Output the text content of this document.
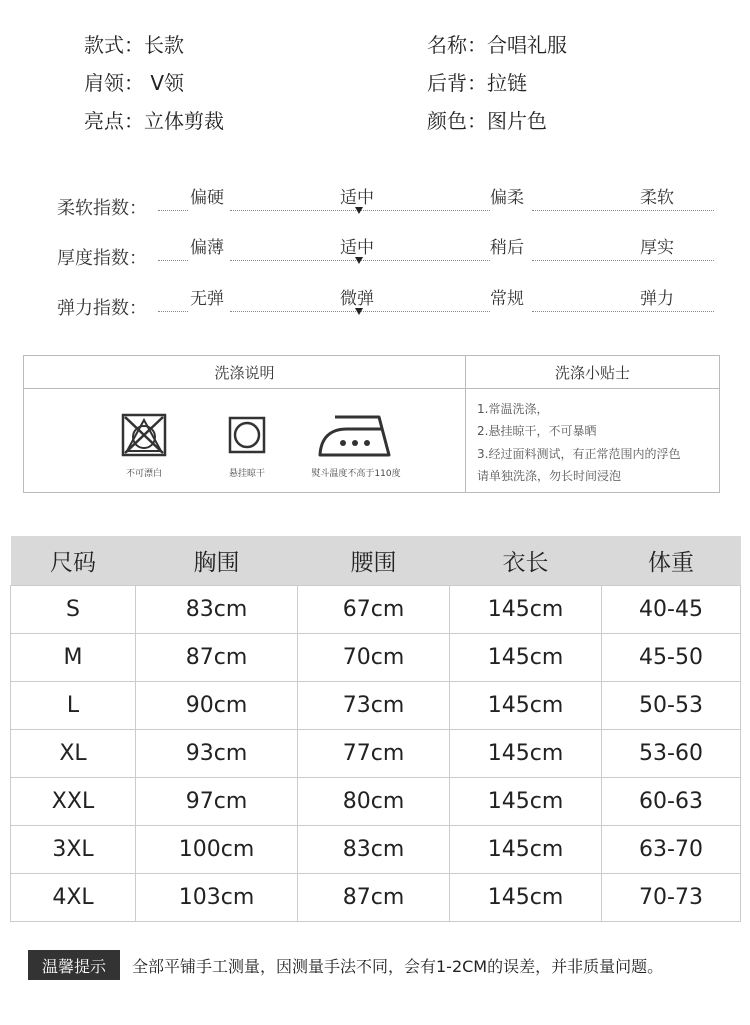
款式：长款	名称：合唱礼服
肩领： V领	后背：拉链
亮点：立体剪裁	颜色：图片色
柔软指数：	偏硬	适中	偏柔	柔软
厚度指数：	偏薄	适中	稍后	厚实
弹力指数：	无弹	微弹	常规	弹力
洗涤说明	洗涤小贴士
不可漂白	悬挂晾干	熨斗温度不高于110度
1.常温洗涤，
2.悬挂晾干，不可暴晒
3.经过面料测试，有正常范围内的浮色
请单独洗涤，勿长时间浸泡
尺码	胸围	腰围	衣长	体重
S	83cm	67cm	145cm	40-45
M	87cm	70cm	145cm	45-50
L	90cm	73cm	145cm	50-53
XL	93cm	77cm	145cm	53-60
XXL	97cm	80cm	145cm	60-63
3XL	100cm	83cm	145cm	63-70
4XL	103cm	87cm	145cm	70-73
温馨提示	全部平铺手工测量，因测量手法不同，会有1-2CM的误差，并非质量问题。
